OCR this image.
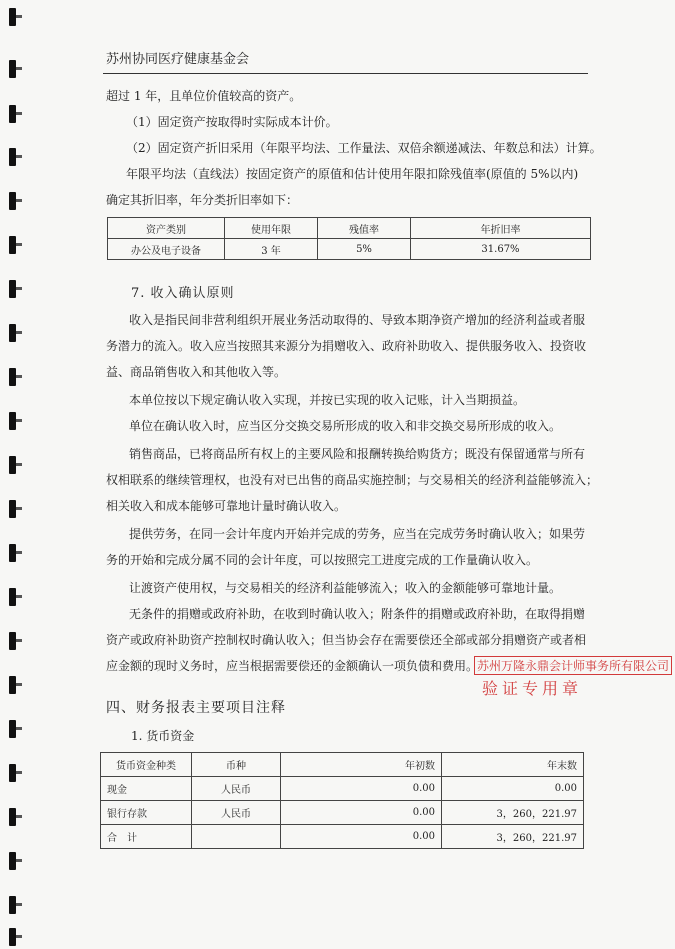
苏州协同医疗健康基金会
超过 1 年，且单位价值较高的资产。
（1）固定资产按取得时实际成本计价。
（2）固定资产折旧采用（年限平均法、工作量法、双倍余额递减法、年数总和法）计算。
年限平均法（直线法）按固定资产的原值和估计使用年限扣除残值率(原值的 5%以内)
确定其折旧率，年分类折旧率如下：
资产类别	使用年限	残值率	年折旧率
办公及电子设备	3 年	5%	31.67%
7. 收入确认原则
收入是指民间非营利组织开展业务活动取得的、导致本期净资产增加的经济利益或者服
务潜力的流入。收入应当按照其来源分为捐赠收入、政府补助收入、提供服务收入、投资收
益、商品销售收入和其他收入等。
本单位按以下规定确认收入实现，并按已实现的收入记账，计入当期损益。
单位在确认收入时，应当区分交换交易所形成的收入和非交换交易所形成的收入。
销售商品，已将商品所有权上的主要风险和报酬转换给购货方；既没有保留通常与所有
权相联系的继续管理权，也没有对已出售的商品实施控制；与交易相关的经济利益能够流入；
相关收入和成本能够可靠地计量时确认收入。
提供劳务，在同一会计年度内开始并完成的劳务，应当在完成劳务时确认收入；如果劳
务的开始和完成分属不同的会计年度，可以按照完工进度完成的工作量确认收入。
让渡资产使用权，与交易相关的经济利益能够流入；收入的金额能够可靠地计量。
无条件的捐赠或政府补助，在收到时确认收入；附条件的捐赠或政府补助，在取得捐赠
资产或政府补助资产控制权时确认收入；但当协会存在需要偿还全部或部分捐赠资产或者相
应金额的现时义务时，应当根据需要偿还的金额确认一项负债和费用。
苏州万隆永鼎会计师事务所有限公司
验证专用章
四、财务报表主要项目注释
1. 货币资金
货币资金种类	币种	年初数	年末数
现金	人民币	0.00	0.00
银行存款	人民币	0.00	3，260，221.97
合　计		0.00	3，260，221.97
